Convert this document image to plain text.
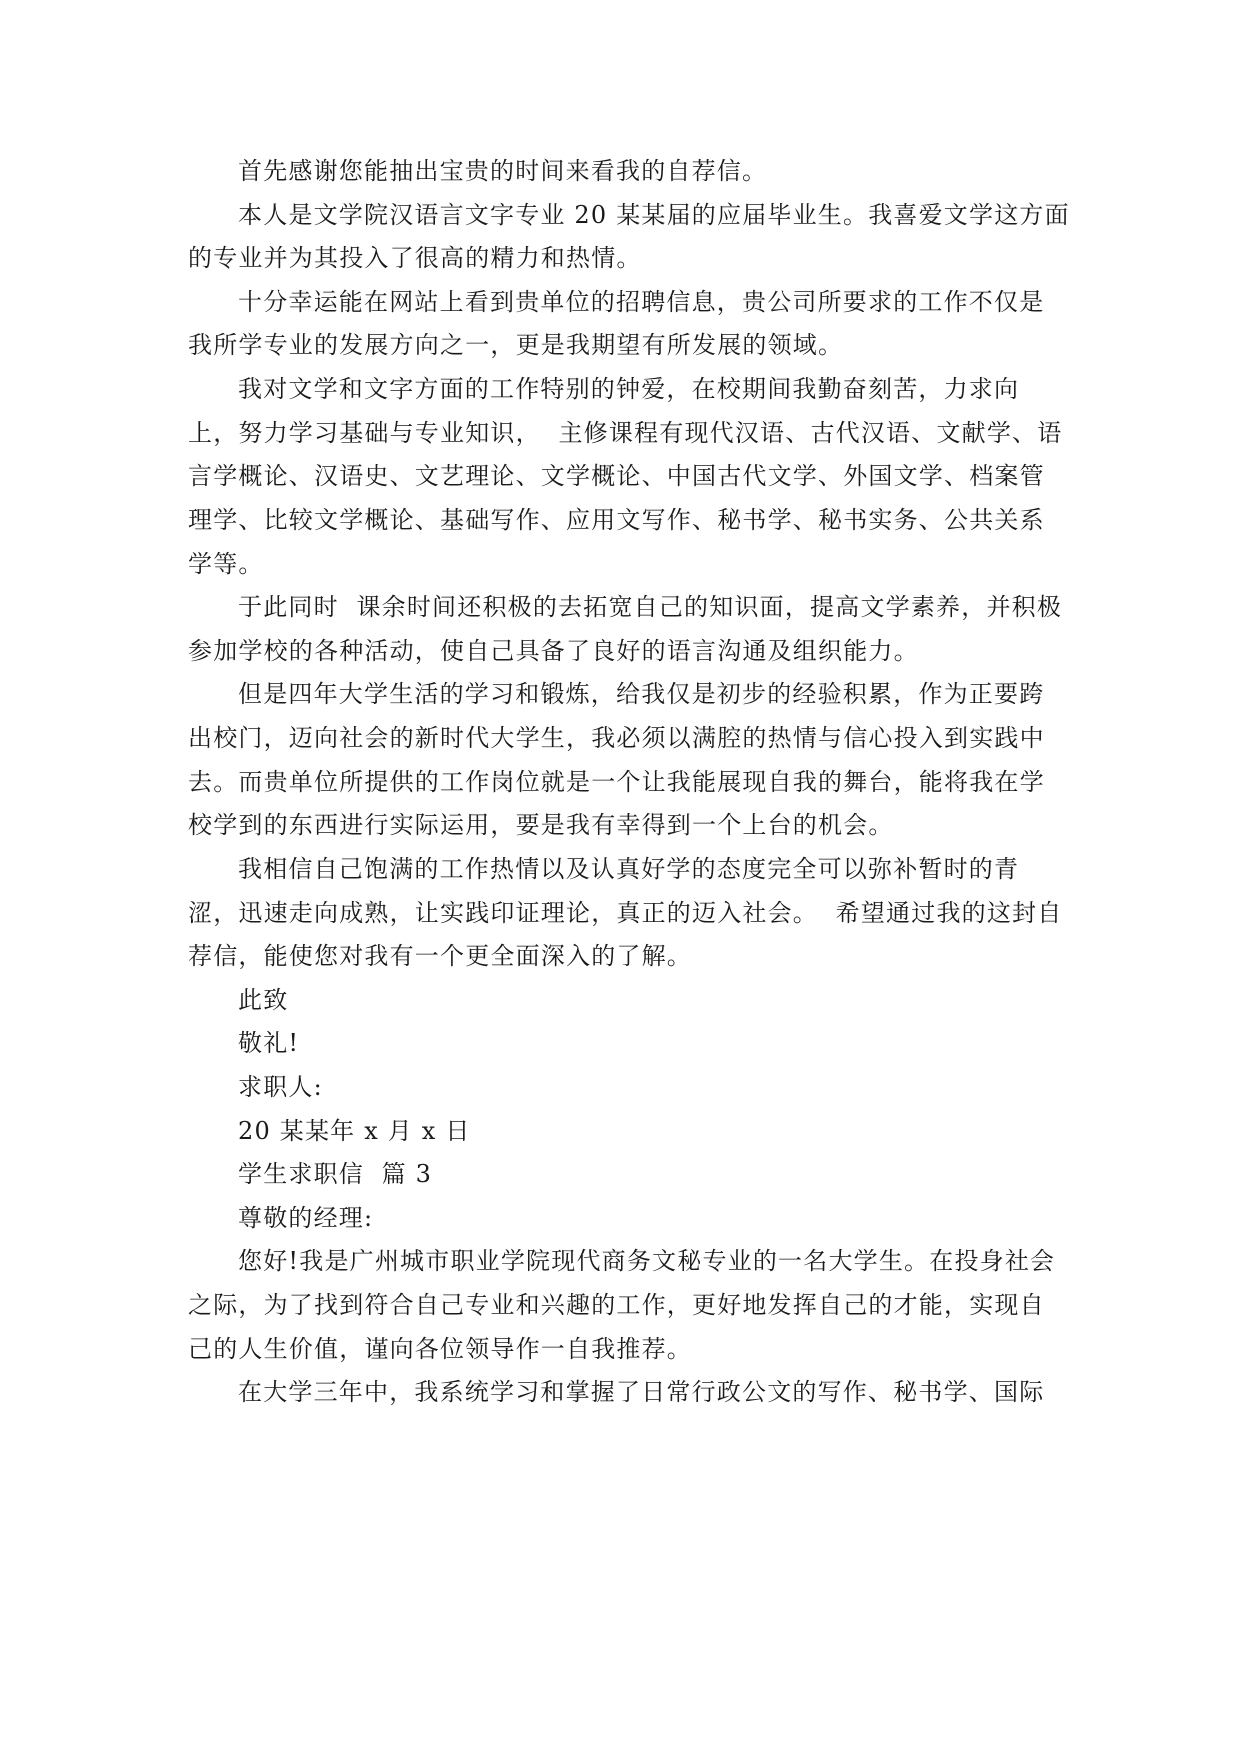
首先感谢您能抽出宝贵的时间来看我的自荐信。
本人是文学院汉语言文字专业 20 某某届的应届毕业生。我喜爱文学这方面
的专业并为其投入了很高的精力和热情。
十分幸运能在网站上看到贵单位的招聘信息，贵公司所要求的工作不仅是
我所学专业的发展方向之一，更是我期望有所发展的领域。
我对文学和文字方面的工作特别的钟爱，在校期间我勤奋刻苦，力求向
上，努力学习基础与专业知识，  主修课程有现代汉语、古代汉语、文献学、语
言学概论、汉语史、文艺理论、文学概论、中国古代文学、外国文学、档案管
理学、比较文学概论、基础写作、应用文写作、秘书学、秘书实务、公共关系
学等。
于此同时  课余时间还积极的去拓宽自己的知识面，提高文学素养，并积极
参加学校的各种活动，使自己具备了良好的语言沟通及组织能力。
但是四年大学生活的学习和锻炼，给我仅是初步的经验积累，作为正要跨
出校门，迈向社会的新时代大学生，我必须以满腔的热情与信心投入到实践中
去。而贵单位所提供的工作岗位就是一个让我能展现自我的舞台，能将我在学
校学到的东西进行实际运用，要是我有幸得到一个上台的机会。
我相信自己饱满的工作热情以及认真好学的态度完全可以弥补暂时的青
涩，迅速走向成熟，让实践印证理论，真正的迈入社会。  希望通过我的这封自
荐信，能使您对我有一个更全面深入的了解。
此致
敬礼!
求职人:
20 某某年 x 月 x 日
学生求职信  篇 3
尊敬的经理:
您好!我是广州城市职业学院现代商务文秘专业的一名大学生。在投身社会
之际，为了找到符合自己专业和兴趣的工作，更好地发挥自己的才能，实现自
己的人生价值，谨向各位领导作一自我推荐。
在大学三年中，我系统学习和掌握了日常行政公文的写作、秘书学、国际
